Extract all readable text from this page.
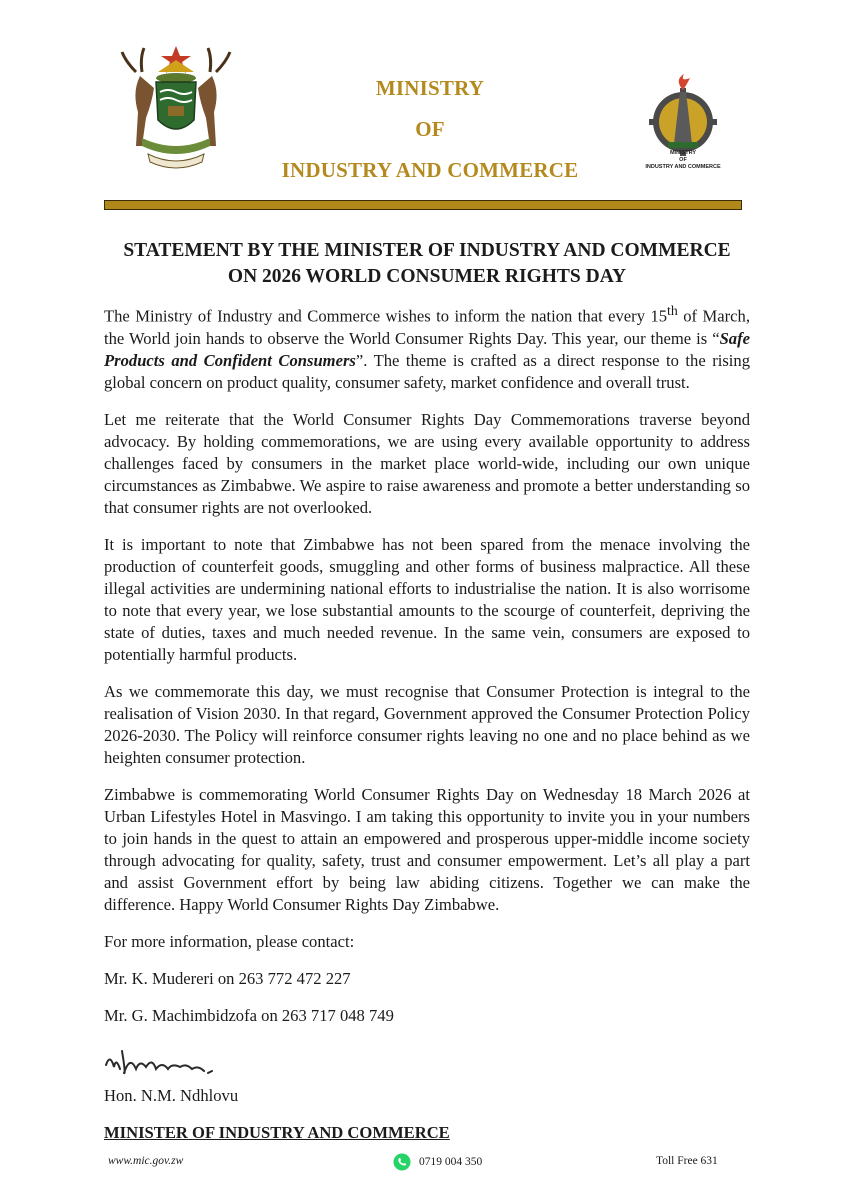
MINISTRY
OF
INDUSTRY AND COMMERCE
MINISTRY
OF
INDUSTRY AND COMMERCE
STATEMENT BY THE MINISTER OF INDUSTRY AND COMMERCE
ON 2026 WORLD CONSUMER RIGHTS DAY

The Ministry of Industry and Commerce wishes to inform the nation that every 15th of March, the World join hands to observe the World Consumer Rights Day. This year, our theme is “Safe Products and Confident Consumers”. The theme is crafted as a direct response to the rising global concern on product quality, consumer safety, market confidence and overall trust.

Let me reiterate that the World Consumer Rights Day Commemorations traverse beyond advocacy. By holding commemorations, we are using every available opportunity to address challenges faced by consumers in the market place world-wide, including our own unique circumstances as Zimbabwe. We aspire to raise awareness and promote a better understanding so that consumer rights are not overlooked.

It is important to note that Zimbabwe has not been spared from the menace involving the production of counterfeit goods, smuggling and other forms of business malpractice. All these illegal activities are undermining national efforts to industrialise the nation. It is also worrisome to note that every year, we lose substantial amounts to the scourge of counterfeit, depriving the state of duties, taxes and much needed revenue. In the same vein, consumers are exposed to potentially harmful products.

As we commemorate this day, we must recognise that Consumer Protection is integral to the realisation of Vision 2030. In that regard, Government approved the Consumer Protection Policy 2026-2030. The Policy will reinforce consumer rights leaving no one and no place behind as we heighten consumer protection.

Zimbabwe is commemorating World Consumer Rights Day on Wednesday 18 March 2026 at Urban Lifestyles Hotel in Masvingo. I am taking this opportunity to invite you in your numbers to join hands in the quest to attain an empowered and prosperous upper-middle income society through advocating for quality, safety, trust and consumer empowerment. Let’s all play a part and assist Government effort by being law abiding citizens. Together we can make the difference. Happy World Consumer Rights Day Zimbabwe.

For more information, please contact:

Mr. K. Mudereri on 263 772 472 227

Mr. G. Machimbidzofa on 263 717 048 749

Hon. N.M. Ndhlovu

MINISTER OF INDUSTRY AND COMMERCE

www.mic.gov.zw	0719 004 350	Toll Free 631
